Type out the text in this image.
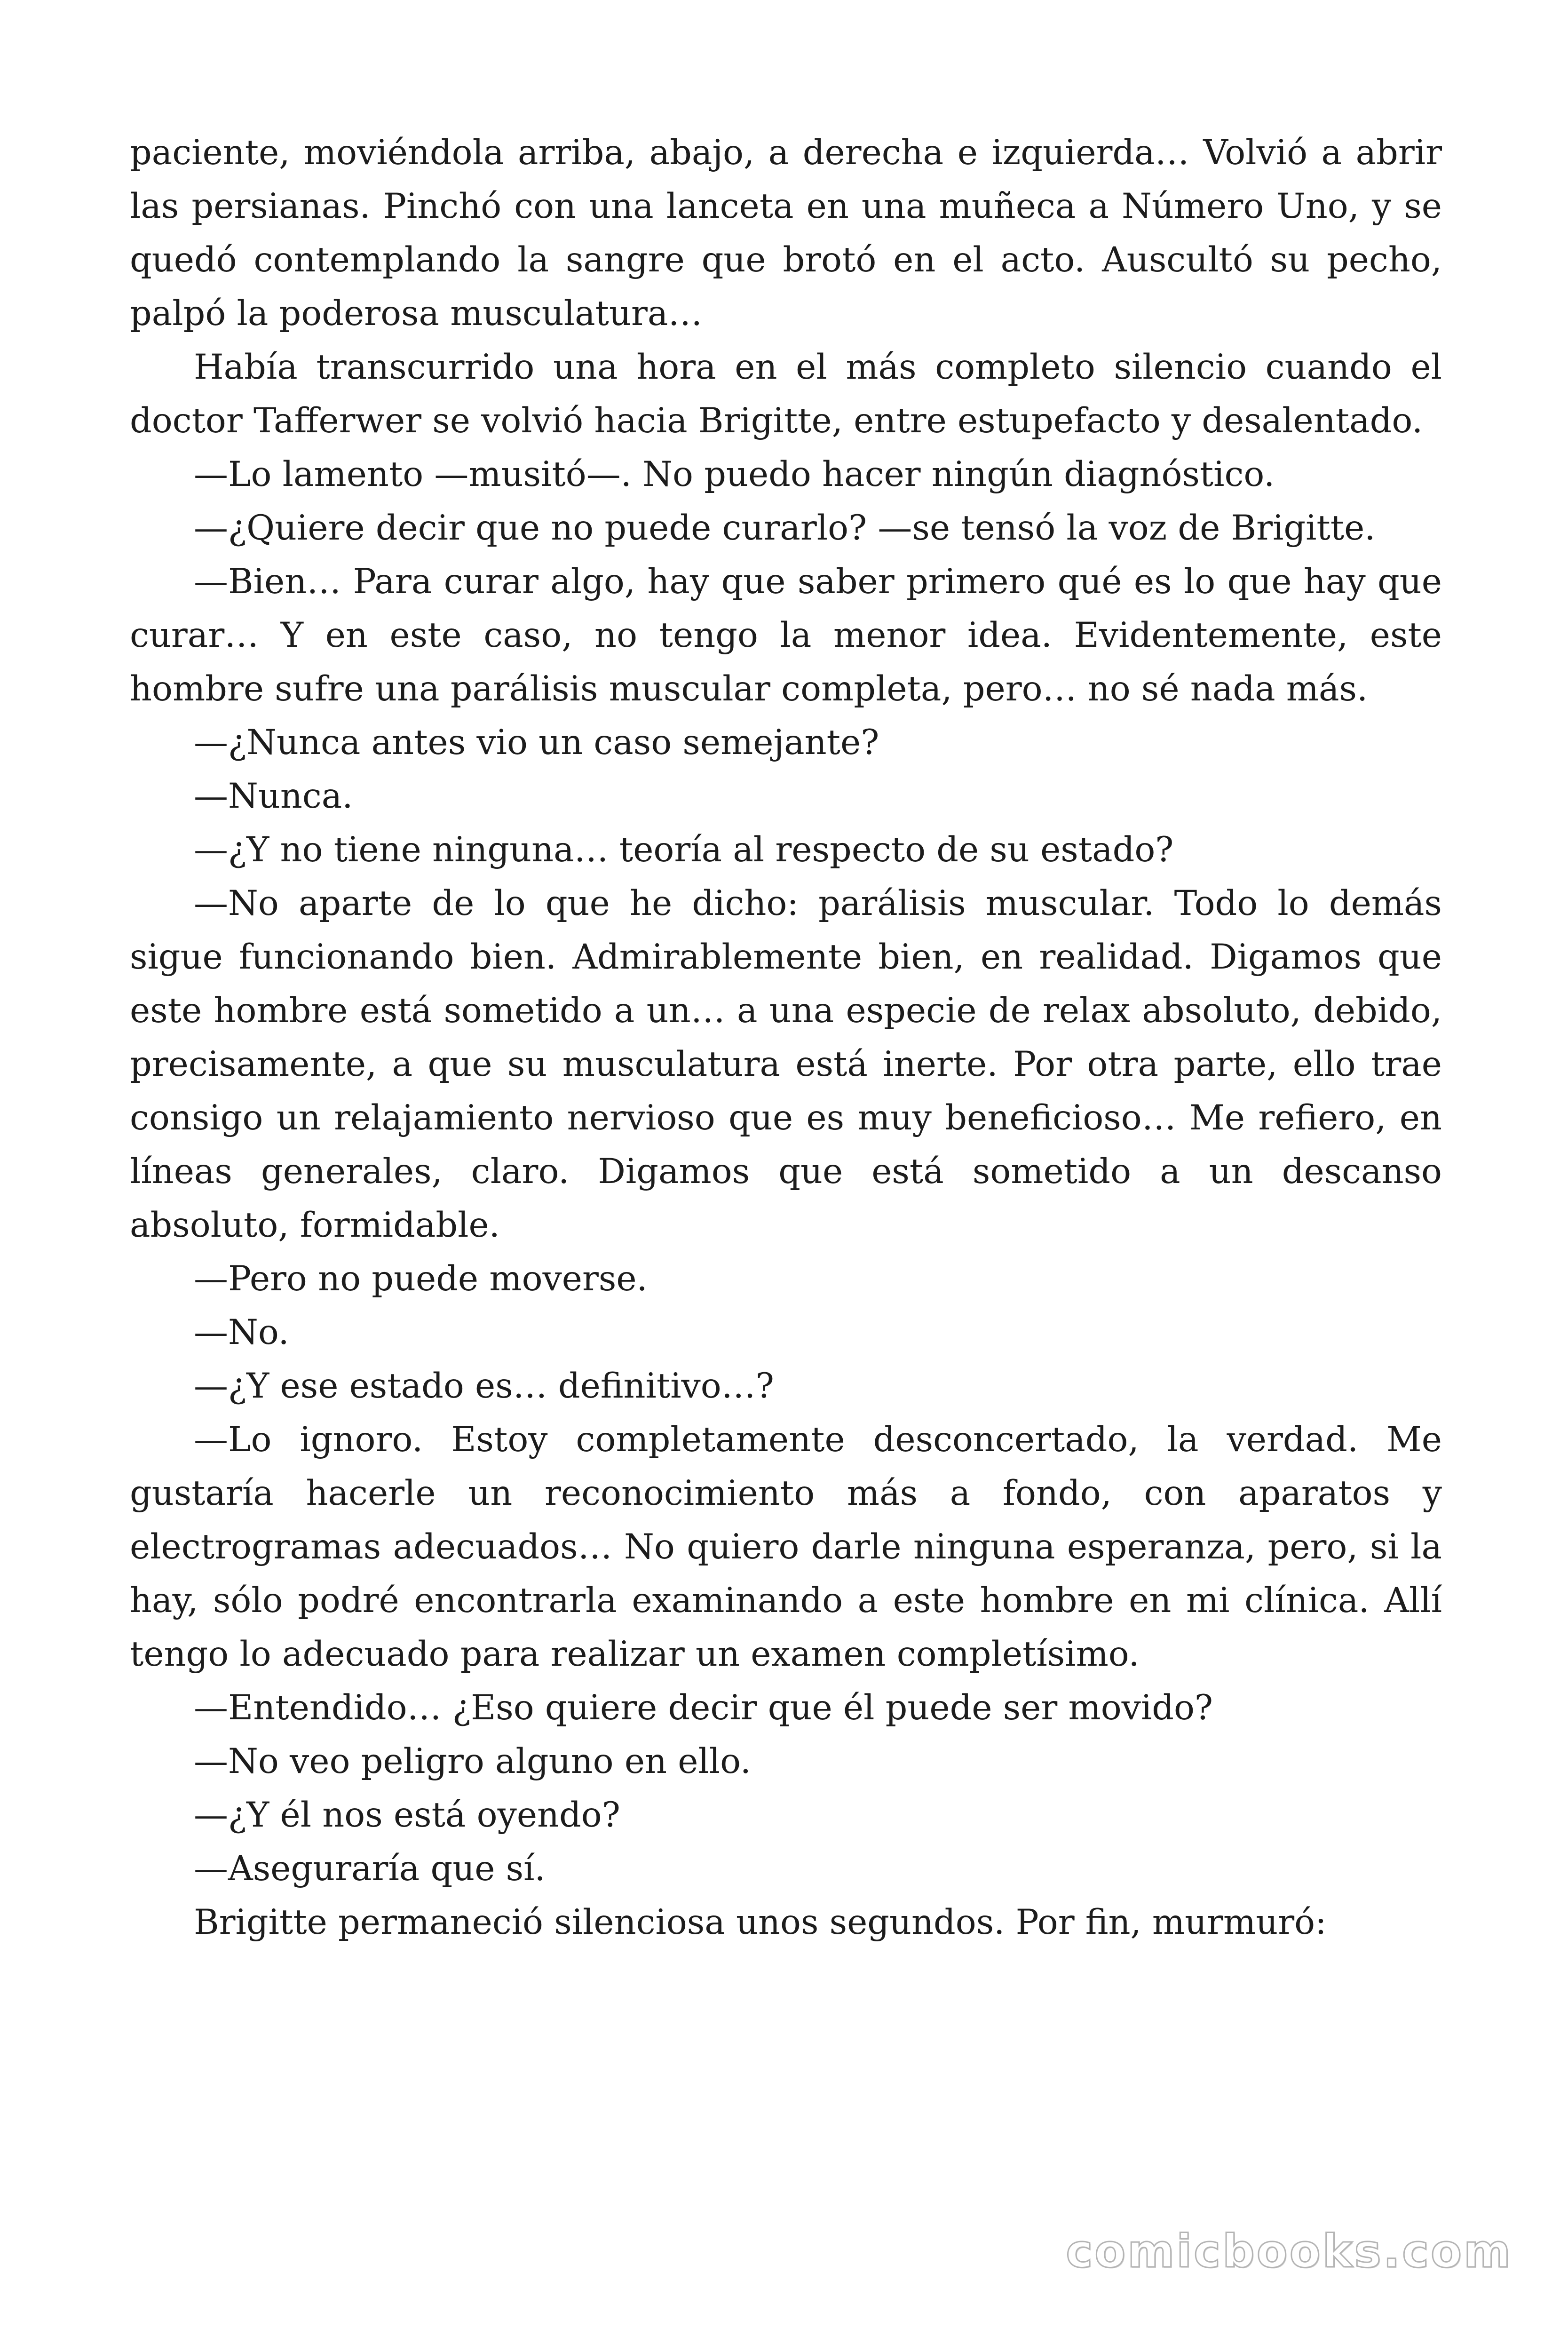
paciente, moviéndola arriba, abajo, a derecha e izquierda… Volvió a abrir las persianas. Pinchó con una lanceta en una muñeca a Número Uno, y se quedó contemplando la sangre que brotó en el acto. Auscultó su pecho, palpó la poderosa musculatura…

Había transcurrido una hora en el más completo silencio cuando el doctor Tafferwer se volvió hacia Brigitte, entre estupefacto y desalentado.

—Lo lamento —musitó—. No puedo hacer ningún diagnóstico.

—¿Quiere decir que no puede curarlo? —se tensó la voz de Brigitte.

—Bien… Para curar algo, hay que saber primero qué es lo que hay que curar… Y en este caso, no tengo la menor idea. Evidentemente, este hombre sufre una parálisis muscular completa, pero… no sé nada más.

—¿Nunca antes vio un caso semejante?

—Nunca.

—¿Y no tiene ninguna… teoría al respecto de su estado?

—No aparte de lo que he dicho: parálisis muscular. Todo lo demás sigue funcionando bien. Admirablemente bien, en realidad. Digamos que este hombre está sometido a un… a una especie de relax absoluto, debido, precisamente, a que su musculatura está inerte. Por otra parte, ello trae consigo un relajamiento nervioso que es muy beneficioso… Me refiero, en líneas generales, claro. Digamos que está sometido a un descanso absoluto, formidable.

—Pero no puede moverse.

—No.

—¿Y ese estado es… definitivo…?

—Lo ignoro. Estoy completamente desconcertado, la verdad. Me gustaría hacerle un reconocimiento más a fondo, con aparatos y electrogramas adecuados… No quiero darle ninguna esperanza, pero, si la hay, sólo podré encontrarla examinando a este hombre en mi clínica. Allí tengo lo adecuado para realizar un examen completísimo.

—Entendido… ¿Eso quiere decir que él puede ser movido?

—No veo peligro alguno en ello.

—¿Y él nos está oyendo?

—Aseguraría que sí.

Brigitte permaneció silenciosa unos segundos. Por fin, murmuró:

comicbooks.com
